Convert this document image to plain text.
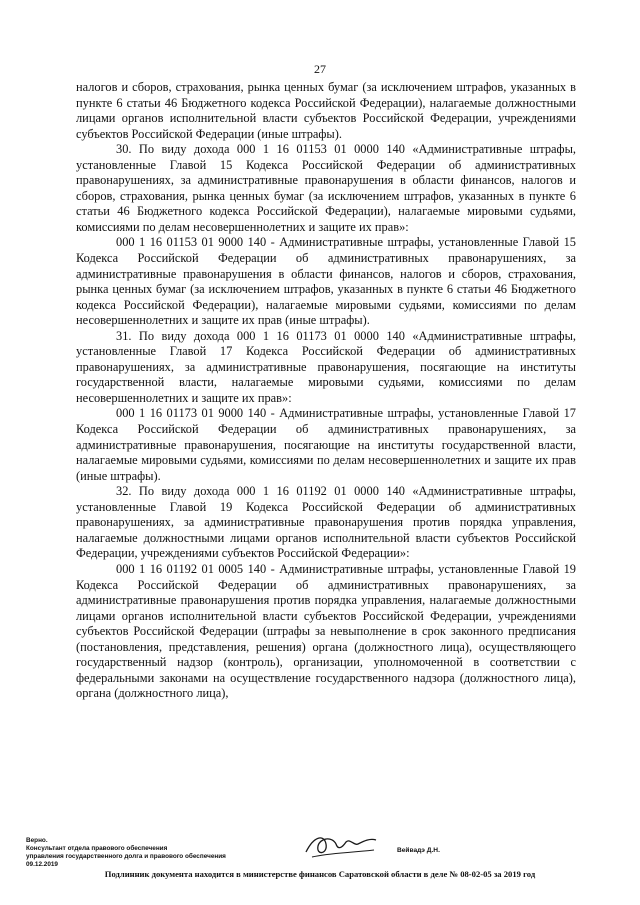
27

налогов и сборов, страхования, рынка ценных бумаг (за исключением штрафов, указанных в пункте 6 статьи 46 Бюджетного кодекса Российской Федерации), налагаемые должностными лицами органов исполнительной власти субъектов Российской Федерации, учреждениями субъектов Российской Федерации (иные штрафы).

30. По виду дохода 000 1 16 01153 01 0000 140 «Административные штрафы, установленные Главой 15 Кодекса Российской Федерации об административных правонарушениях, за административные правонарушения в области финансов, налогов и сборов, страхования, рынка ценных бумаг (за исключением штрафов, указанных в пункте 6 статьи 46 Бюджетного кодекса Российской Федерации), налагаемые мировыми судьями, комиссиями по делам несовершеннолетних и защите их прав»:

000 1 16 01153 01 9000 140 - Административные штрафы, установленные Главой 15 Кодекса Российской Федерации об административных правонарушениях, за административные правонарушения в области финансов, налогов и сборов, страхования, рынка ценных бумаг (за исключением штрафов, указанных в пункте 6 статьи 46 Бюджетного кодекса Российской Федерации), налагаемые мировыми судьями, комиссиями по делам несовершеннолетних и защите их прав (иные штрафы).

31. По виду дохода 000 1 16 01173 01 0000 140 «Административные штрафы, установленные Главой 17 Кодекса Российской Федерации об административных правонарушениях, за административные правонарушения, посягающие на институты государственной власти, налагаемые мировыми судьями, комиссиями по делам несовершеннолетних и защите их прав»:

000 1 16 01173 01 9000 140 - Административные штрафы, установленные Главой 17 Кодекса Российской Федерации об административных правонарушениях, за административные правонарушения, посягающие на институты государственной власти, налагаемые мировыми судьями, комиссиями по делам несовершеннолетних и защите их прав (иные штрафы).

32. По виду дохода 000 1 16 01192 01 0000 140 «Административные штрафы, установленные Главой 19 Кодекса Российской Федерации об административных правонарушениях, за административные правонарушения против порядка управления, налагаемые должностными лицами органов исполнительной власти субъектов Российской Федерации, учреждениями субъектов Российской Федерации»:

000 1 16 01192 01 0005 140 - Административные штрафы, установленные Главой 19 Кодекса Российской Федерации об административных правонарушениях, за административные правонарушения против порядка управления, налагаемые должностными лицами органов исполнительной власти субъектов Российской Федерации, учреждениями субъектов Российской Федерации (штрафы за невыполнение в срок законного предписания (постановления, представления, решения) органа (должностного лица), осуществляющего государственный надзор (контроль), организации, уполномоченной в соответствии с федеральными законами на осуществление государственного надзора (должностного лица), органа (должностного лица),

Верно.
Консультант отдела правового обеспечения
управления государственного долга и правового обеспечения
09.12.2019
Вейвадэ Д.Н.
Подлинник документа находится в министерстве финансов Саратовской области в деле № 08-02-05 за 2019 год
